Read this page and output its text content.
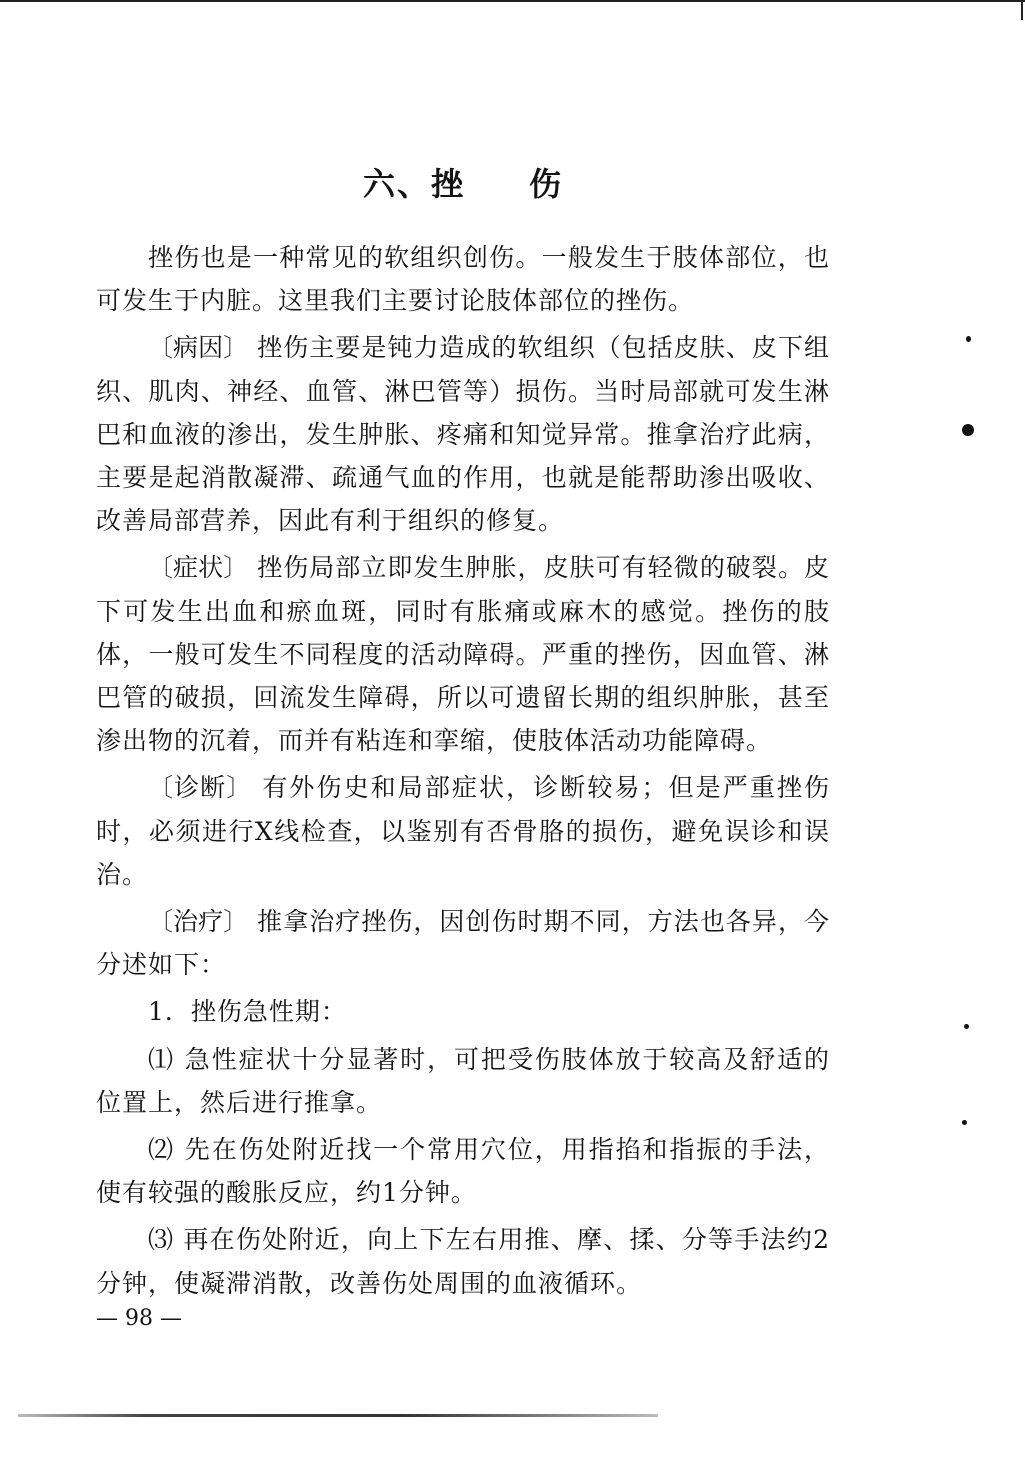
六、挫 伤

挫伤也是一种常见的软组织创伤。一般发生于肢体部位，也可发生于内脏。这里我们主要讨论肢体部位的挫伤。

〔病因〕 挫伤主要是钝力造成的软组织（包括皮肤、皮下组织、肌肉、神经、血管、淋巴管等）损伤。当时局部就可发生淋巴和血液的渗出，发生肿胀、疼痛和知觉异常。推拿治疗此病，主要是起消散凝滞、疏通气血的作用，也就是能帮助渗出吸收、改善局部营养，因此有利于组织的修复。

〔症状〕 挫伤局部立即发生肿胀，皮肤可有轻微的破裂。皮下可发生出血和瘀血斑，同时有胀痛或麻木的感觉。挫伤的肢体，一般可发生不同程度的活动障碍。严重的挫伤，因血管、淋巴管的破损，回流发生障碍，所以可遗留长期的组织肿胀，甚至渗出物的沉着，而并有粘连和挛缩，使肢体活动功能障碍。

〔诊断〕 有外伤史和局部症状，诊断较易；但是严重挫伤时，必须进行X线检查，以鉴别有否骨胳的损伤，避免误诊和误治。

〔治疗〕 推拿治疗挫伤，因创伤时期不同，方法也各异，今分述如下：

1．挫伤急性期：

⑴ 急性症状十分显著时，可把受伤肢体放于较高及舒适的位置上，然后进行推拿。

⑵ 先在伤处附近找一个常用穴位，用指掐和指振的手法，使有较强的酸胀反应，约1分钟。

⑶ 再在伤处附近，向上下左右用推、摩、揉、分等手法约2分钟，使凝滞消散，改善伤处周围的血液循环。

— 98 —
